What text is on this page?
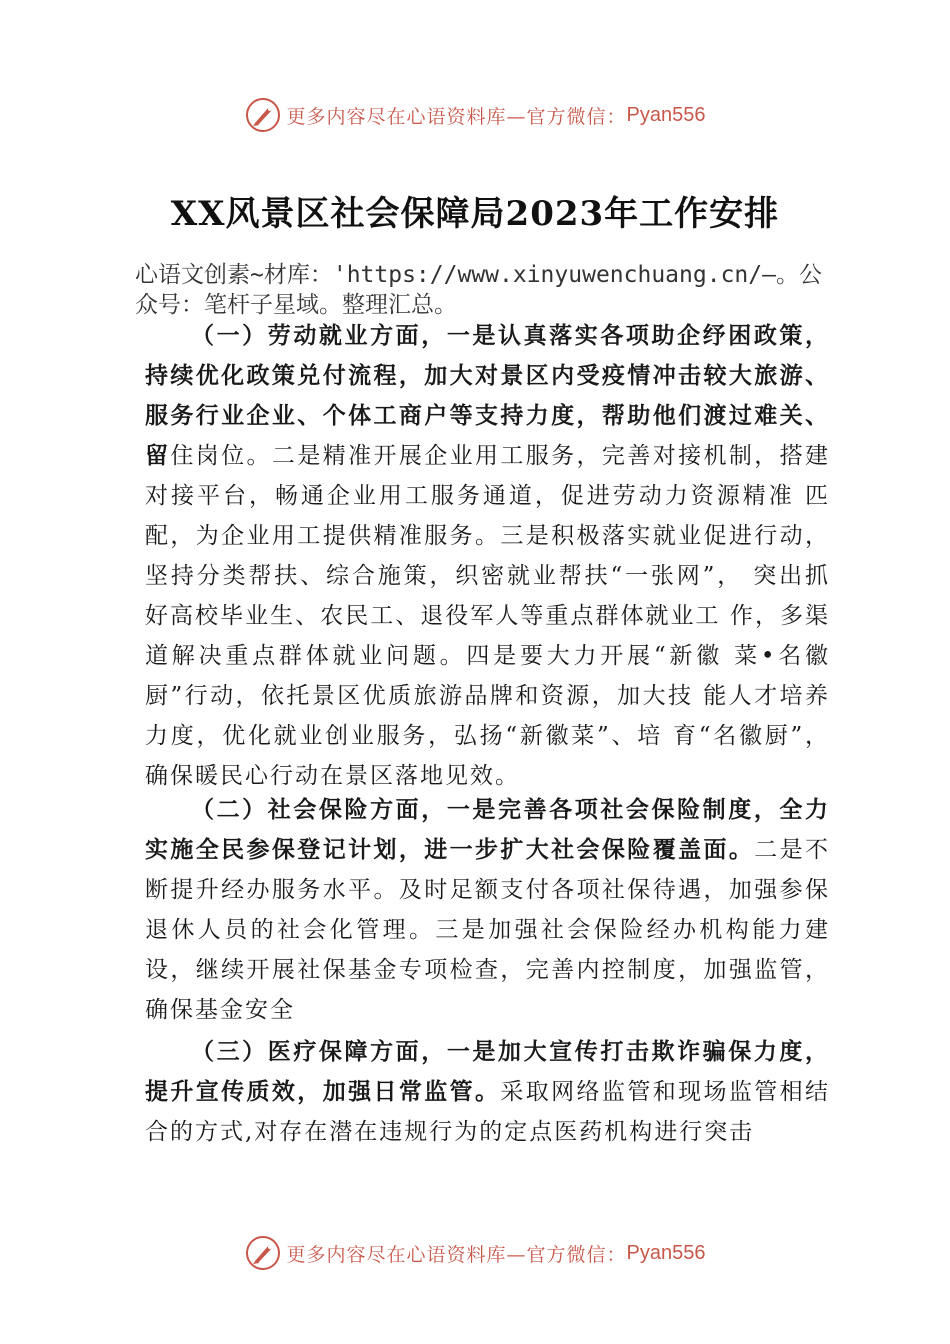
更多内容尽在心语资料库—官方微信： Pyan556
XX风景区社会保障局2023年工作安排
心语文创素~材库：'https://www.xinyuwenchuang.cn/—。公众号：笔杆子星域。整理汇总。

（一）劳动就业方面，一是认真落实各项助企纾困政策，持续优化政策兑付流程，加大对景区内受疫情冲击较大旅游、服务行业企业、个体工商户等支持力度，帮助他们渡过难关、留住岗位。二是精准开展企业用工服务，完善对接机制，搭建对接平台，畅通企业用工服务通道，促进劳动力资源精准 匹配，为企业用工提供精准服务。三是积极落实就业促进行动，坚持分类帮扶、综合施策，织密就业帮扶“一张网”， 突出抓好高校毕业生、农民工、退役军人等重点群体就业工 作，多渠道解决重点群体就业问题。四是要大力开展“新徽 菜•名徽厨”行动，依托景区优质旅游品牌和资源，加大技 能人才培养力度，优化就业创业服务，弘扬“新徽菜”、培 育“名徽厨”，确保暖民心行动在景区落地见效。

（二）社会保险方面，一是完善各项社会保险制度，全力实施全民参保登记计划，进一步扩大社会保险覆盖面。二是不断提升经办服务水平。及时足额支付各项社保待遇，加强参保退休人员的社会化管理。三是加强社会保险经办机构能力建设，继续开展社保基金专项检查，完善内控制度，加强监管，确保基金安全

（三）医疗保障方面，一是加大宣传打击欺诈骗保力度，提升宣传质效，加强日常监管。采取网络监管和现场监管相结合的方式,对存在潜在违规行为的定点医药机构进行突击

更多内容尽在心语资料库—官方微信： Pyan556
